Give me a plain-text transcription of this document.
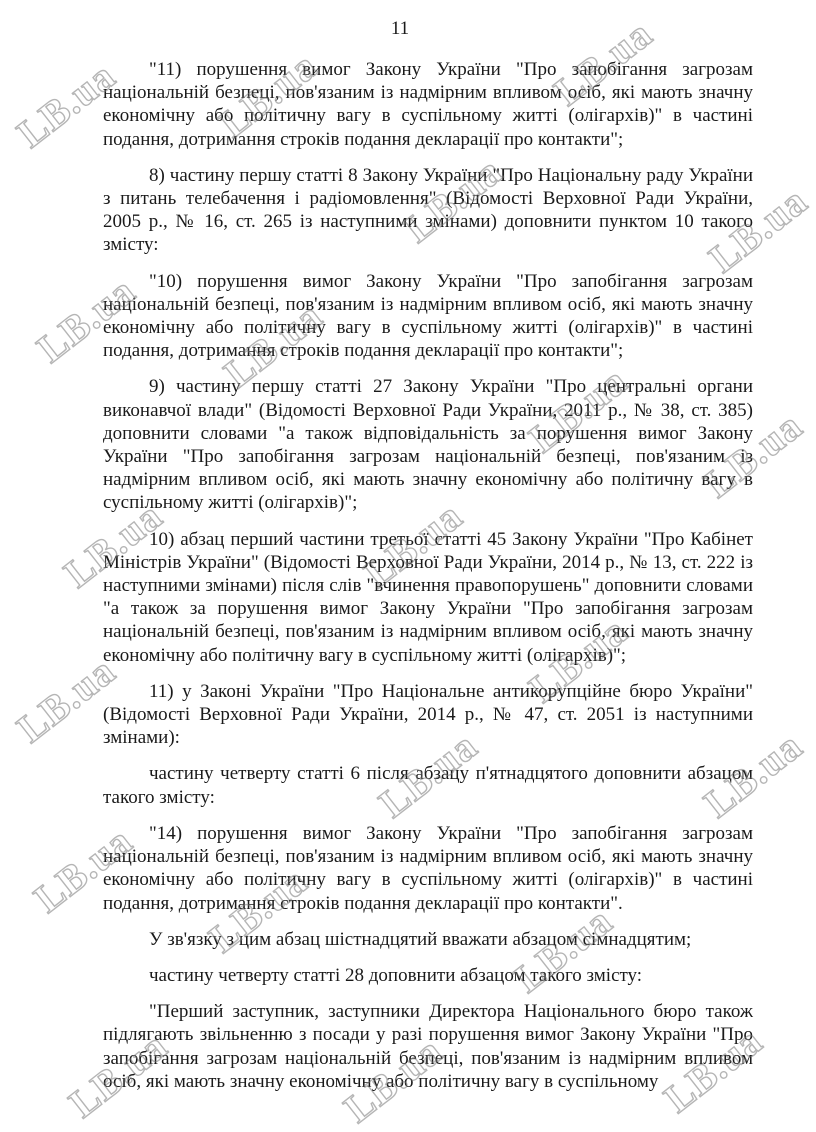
11

"11) порушення вимог Закону України "Про запобігання загрозам національній безпеці, пов'язаним із надмірним впливом осіб, які мають значну економічну або політичну вагу в суспільному житті (олігархів)" в частині подання, дотримання строків подання декларації про контакти";

8) частину першу статті 8 Закону України "Про Національну раду України з питань телебачення і радіомовлення" (Відомості Верховної Ради України, 2005 р., № 16, ст. 265 із наступними змінами) доповнити пунктом 10 такого змісту:

"10) порушення вимог Закону України "Про запобігання загрозам національній безпеці, пов'язаним із надмірним впливом осіб, які мають значну економічну або політичну вагу в суспільному житті (олігархів)" в частині подання, дотримання строків подання декларації про контакти";

9) частину першу статті 27 Закону України "Про центральні органи виконавчої влади" (Відомості Верховної Ради України, 2011 р., № 38, ст. 385) доповнити словами "а також відповідальність за порушення вимог Закону України "Про запобігання загрозам національній безпеці, пов'язаним із надмірним впливом осіб, які мають значну економічну або політичну вагу в суспільному житті (олігархів)";

10) абзац перший частини третьої статті 45 Закону України "Про Кабінет Міністрів України" (Відомості Верховної Ради України, 2014 р., № 13, ст. 222 із наступними змінами) після слів "вчинення правопорушень" доповнити словами "а також за порушення вимог Закону України "Про запобігання загрозам національній безпеці, пов'язаним із надмірним впливом осіб, які мають значну економічну або політичну вагу в суспільному житті (олігархів)";

11) у Законі України "Про Національне антикорупційне бюро України" (Відомості Верховної Ради України, 2014 р., № 47, ст. 2051 із наступними змінами):

частину четверту статті 6 після абзацу п'ятнадцятого доповнити абзацом такого змісту:

"14) порушення вимог Закону України "Про запобігання загрозам національній безпеці, пов'язаним із надмірним впливом осіб, які мають значну економічну або політичну вагу в суспільному житті (олігархів)" в частині подання, дотримання строків подання декларації про контакти".

У зв'язку з цим абзац шістнадцятий вважати абзацом сімнадцятим;

частину четверту статті 28 доповнити абзацом такого змісту:

"Перший заступник, заступники Директора Національного бюро також підлягають звільненню з посади у разі порушення вимог Закону України "Про запобігання загрозам національній безпеці, пов'язаним із надмірним впливом осіб, які мають значну економічну або політичну вагу в суспільному

LB.ua LB.ua	LB.ua
LB.ua	LB.ua
LB.ua LB.ua
LB.ua LB.ua
LB.ua	LB.ua
LB.ua	LB.ua
LB.ua	LB.ua
LB.ua LB.ua	LB.ua
LB.ua	LB.ua	LB.ua
